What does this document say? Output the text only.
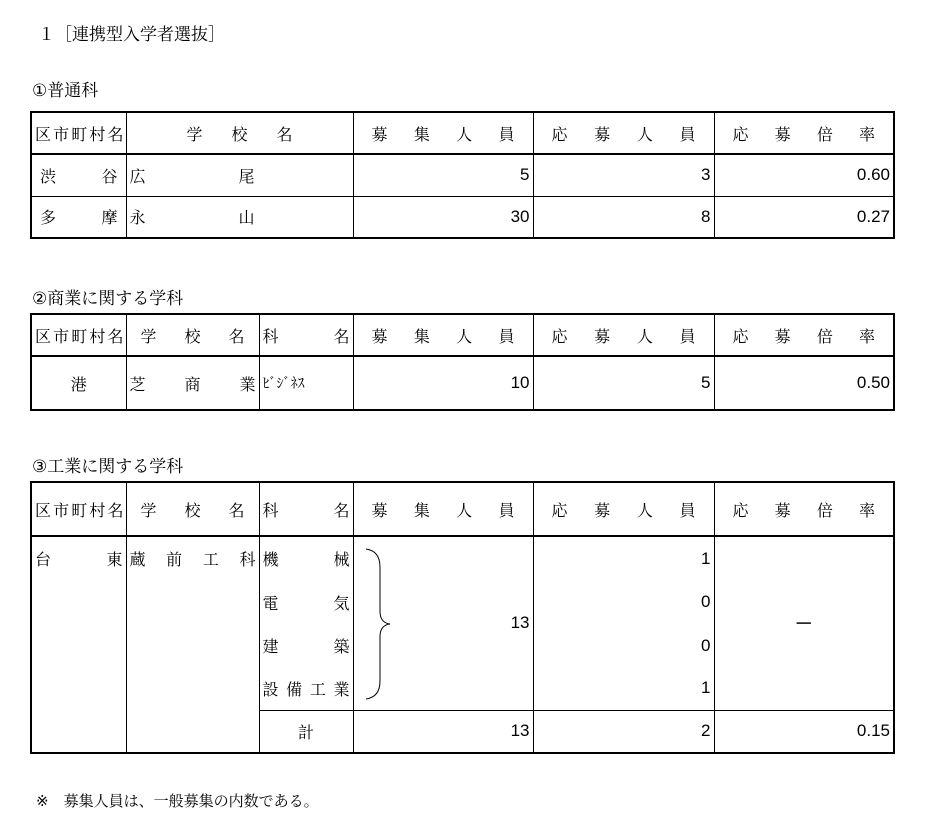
１［連携型入学者選抜］
①普通科
区市町村名	学校名	募集人員	応募人員	応募倍率
渋谷	広尾	5	3	0.60
多摩	永山	30	8	0.27
②商業に関する学科
区市町村名	学校名	科名	募集人員	応募人員	応募倍率
港	芝商業	ﾋﾞｼﾞﾈｽ	10	5	0.50
③工業に関する学科
区市町村名	学校名	科名	募集人員	応募人員	応募倍率
台東	蔵前工科	機械	13	1	－
		電気		0	
		建築		0	
		設備工業		1	
		計	13	2	0.15
※　募集人員は、一般募集の内数である。
